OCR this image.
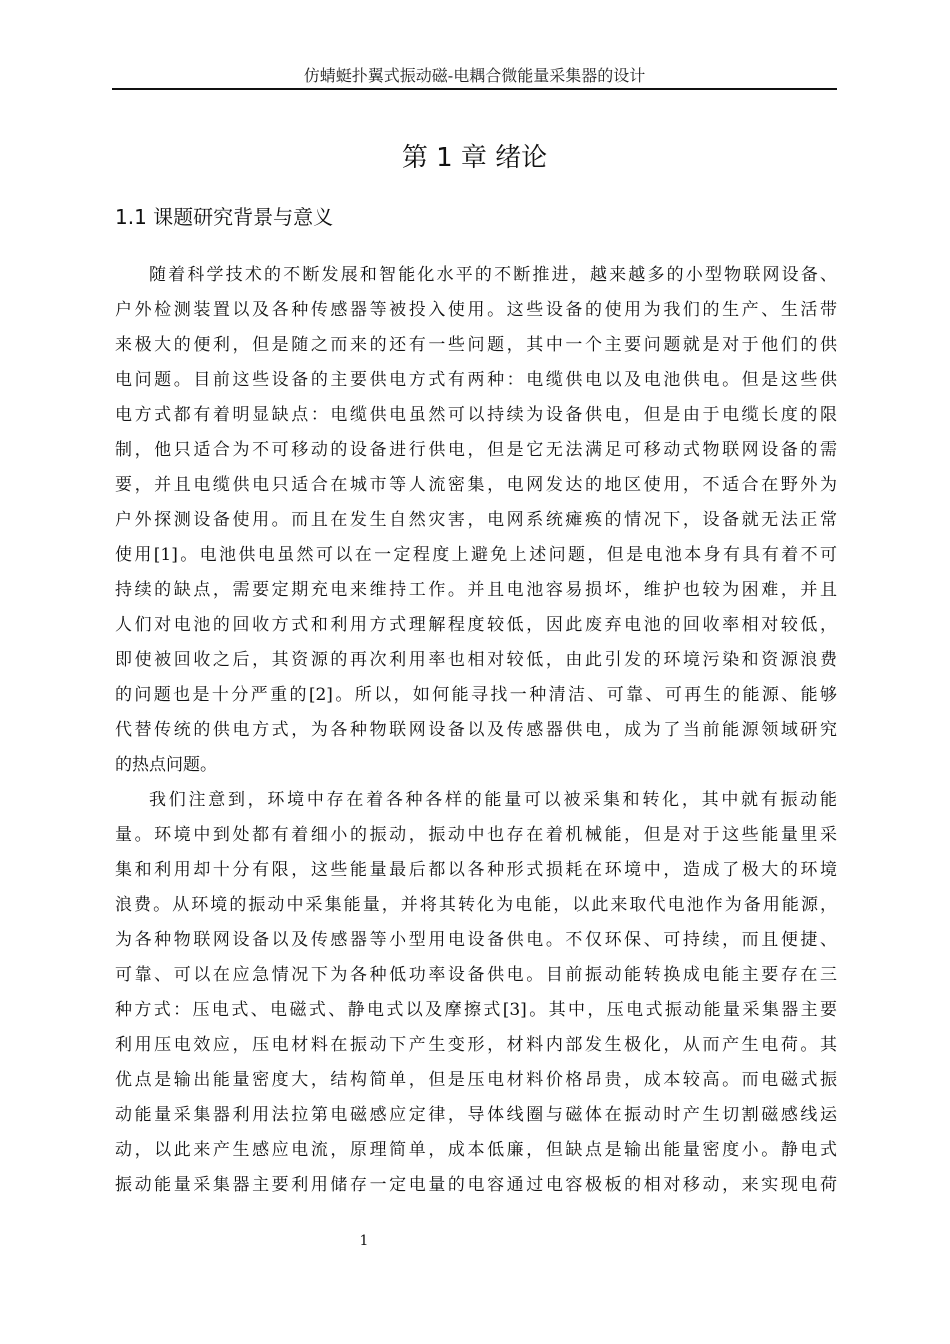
仿蜻蜓扑翼式振动磁-电耦合微能量采集器的设计
第 1 章 绪论
1.1 课题研究背景与意义
随着科学技术的不断发展和智能化水平的不断推进，越来越多的小型物联网设备、
户外检测装置以及各种传感器等被投入使用。这些设备的使用为我们的生产、生活带
来极大的便利，但是随之而来的还有一些问题，其中一个主要问题就是对于他们的供
电问题。目前这些设备的主要供电方式有两种：电缆供电以及电池供电。但是这些供
电方式都有着明显缺点：电缆供电虽然可以持续为设备供电，但是由于电缆长度的限
制，他只适合为不可移动的设备进行供电，但是它无法满足可移动式物联网设备的需
要，并且电缆供电只适合在城市等人流密集，电网发达的地区使用，不适合在野外为
户外探测设备使用。而且在发生自然灾害，电网系统瘫痪的情况下，设备就无法正常
使用[1]。电池供电虽然可以在一定程度上避免上述问题，但是电池本身有具有着不可
持续的缺点，需要定期充电来维持工作。并且电池容易损坏，维护也较为困难，并且
人们对电池的回收方式和利用方式理解程度较低，因此废弃电池的回收率相对较低，
即使被回收之后，其资源的再次利用率也相对较低，由此引发的环境污染和资源浪费
的问题也是十分严重的[2]。所以，如何能寻找一种清洁、可靠、可再生的能源、能够
代替传统的供电方式，为各种物联网设备以及传感器供电，成为了当前能源领域研究
的热点问题。
我们注意到，环境中存在着各种各样的能量可以被采集和转化，其中就有振动能
量。环境中到处都有着细小的振动，振动中也存在着机械能，但是对于这些能量里采
集和利用却十分有限，这些能量最后都以各种形式损耗在环境中，造成了极大的环境
浪费。从环境的振动中采集能量，并将其转化为电能，以此来取代电池作为备用能源，
为各种物联网设备以及传感器等小型用电设备供电。不仅环保、可持续，而且便捷、
可靠、可以在应急情况下为各种低功率设备供电。目前振动能转换成电能主要存在三
种方式：压电式、电磁式、静电式以及摩擦式[3]。其中，压电式振动能量采集器主要
利用压电效应，压电材料在振动下产生变形，材料内部发生极化，从而产生电荷。其
优点是输出能量密度大，结构简单，但是压电材料价格昂贵，成本较高。而电磁式振
动能量采集器利用法拉第电磁感应定律，导体线圈与磁体在振动时产生切割磁感线运
动，以此来产生感应电流，原理简单，成本低廉，但缺点是输出能量密度小。静电式
振动能量采集器主要利用储存一定电量的电容通过电容极板的相对移动，来实现电荷
1
